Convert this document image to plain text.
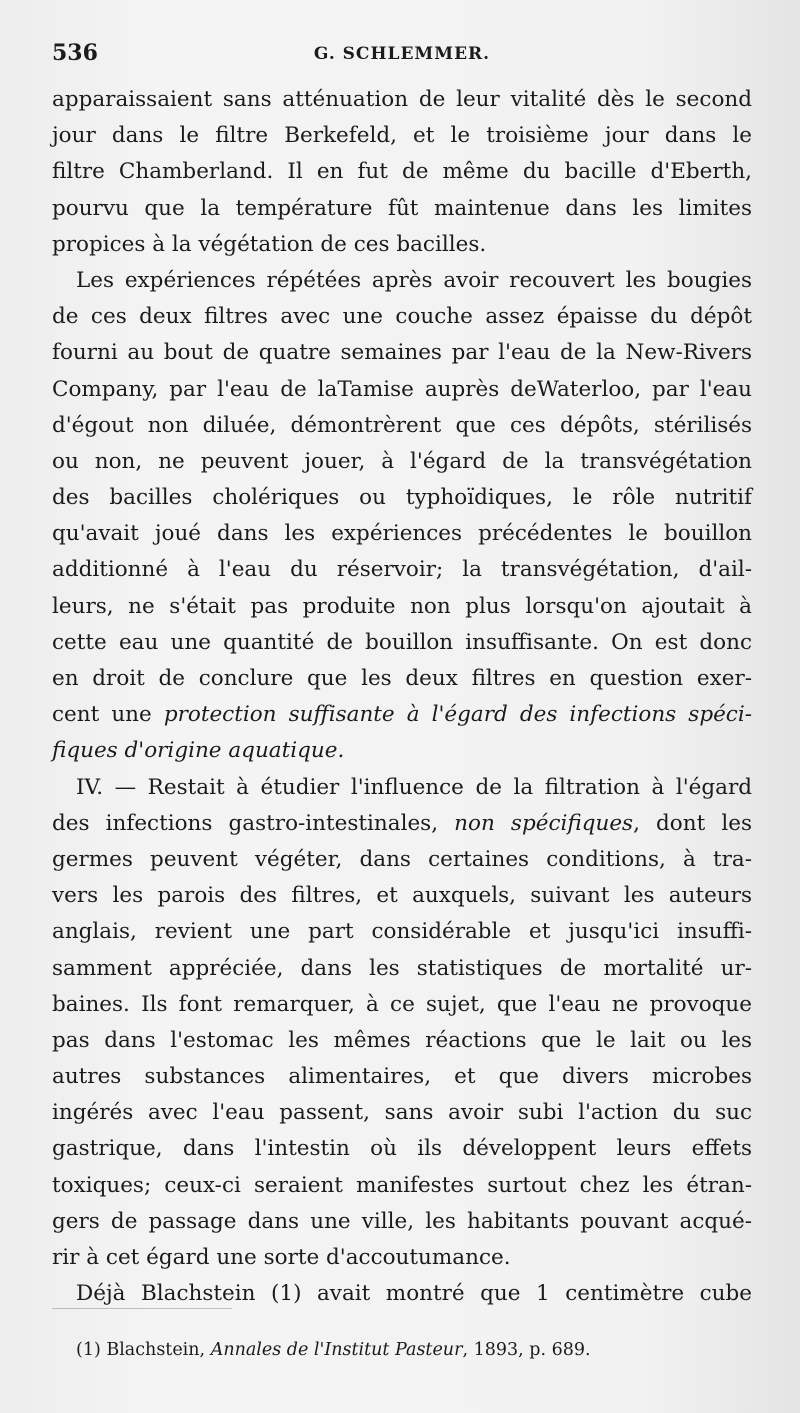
536	G. SCHLEMMER.
apparaissaient sans atténuation de leur vitalité dès le second
jour dans le filtre Berkefeld, et le troisième jour dans le
filtre Chamberland. Il en fut de même du bacille d'Eberth,
pourvu que la température fût maintenue dans les limites
propices à la végétation de ces bacilles.
Les expériences répétées après avoir recouvert les bougies
de ces deux filtres avec une couche assez épaisse du dépôt
fourni au bout de quatre semaines par l'eau de la New-Rivers
Company, par l'eau de laTamise auprès deWaterloo, par l'eau
d'égout non diluée, démontrèrent que ces dépôts, stérilisés
ou non, ne peuvent jouer, à l'égard de la transvégétation
des bacilles cholériques ou typhoïdiques, le rôle nutritif
qu'avait joué dans les expériences précédentes le bouillon
additionné à l'eau du réservoir; la transvégétation, d'ail-
leurs, ne s'était pas produite non plus lorsqu'on ajoutait à
cette eau une quantité de bouillon insuffisante. On est donc
en droit de conclure que les deux filtres en question exer-
cent une protection suffisante à l'égard des infections spéci-
fiques d'origine aquatique.
IV. — Restait à étudier l'influence de la filtration à l'égard
des infections gastro-intestinales, non spécifiques, dont les
germes peuvent végéter, dans certaines conditions, à tra-
vers les parois des filtres, et auxquels, suivant les auteurs
anglais, revient une part considérable et jusqu'ici insuffi-
samment appréciée, dans les statistiques de mortalité ur-
baines. Ils font remarquer, à ce sujet, que l'eau ne provoque
pas dans l'estomac les mêmes réactions que le lait ou les
autres substances alimentaires, et que divers microbes
ingérés avec l'eau passent, sans avoir subi l'action du suc
gastrique, dans l'intestin où ils développent leurs effets
toxiques; ceux-ci seraient manifestes surtout chez les étran-
gers de passage dans une ville, les habitants pouvant acqué-
rir à cet égard une sorte d'accoutumance.
Déjà Blachstein (1) avait montré que 1 centimètre cube
(1) Blachstein, Annales de l'Institut Pasteur, 1893, p. 689.
